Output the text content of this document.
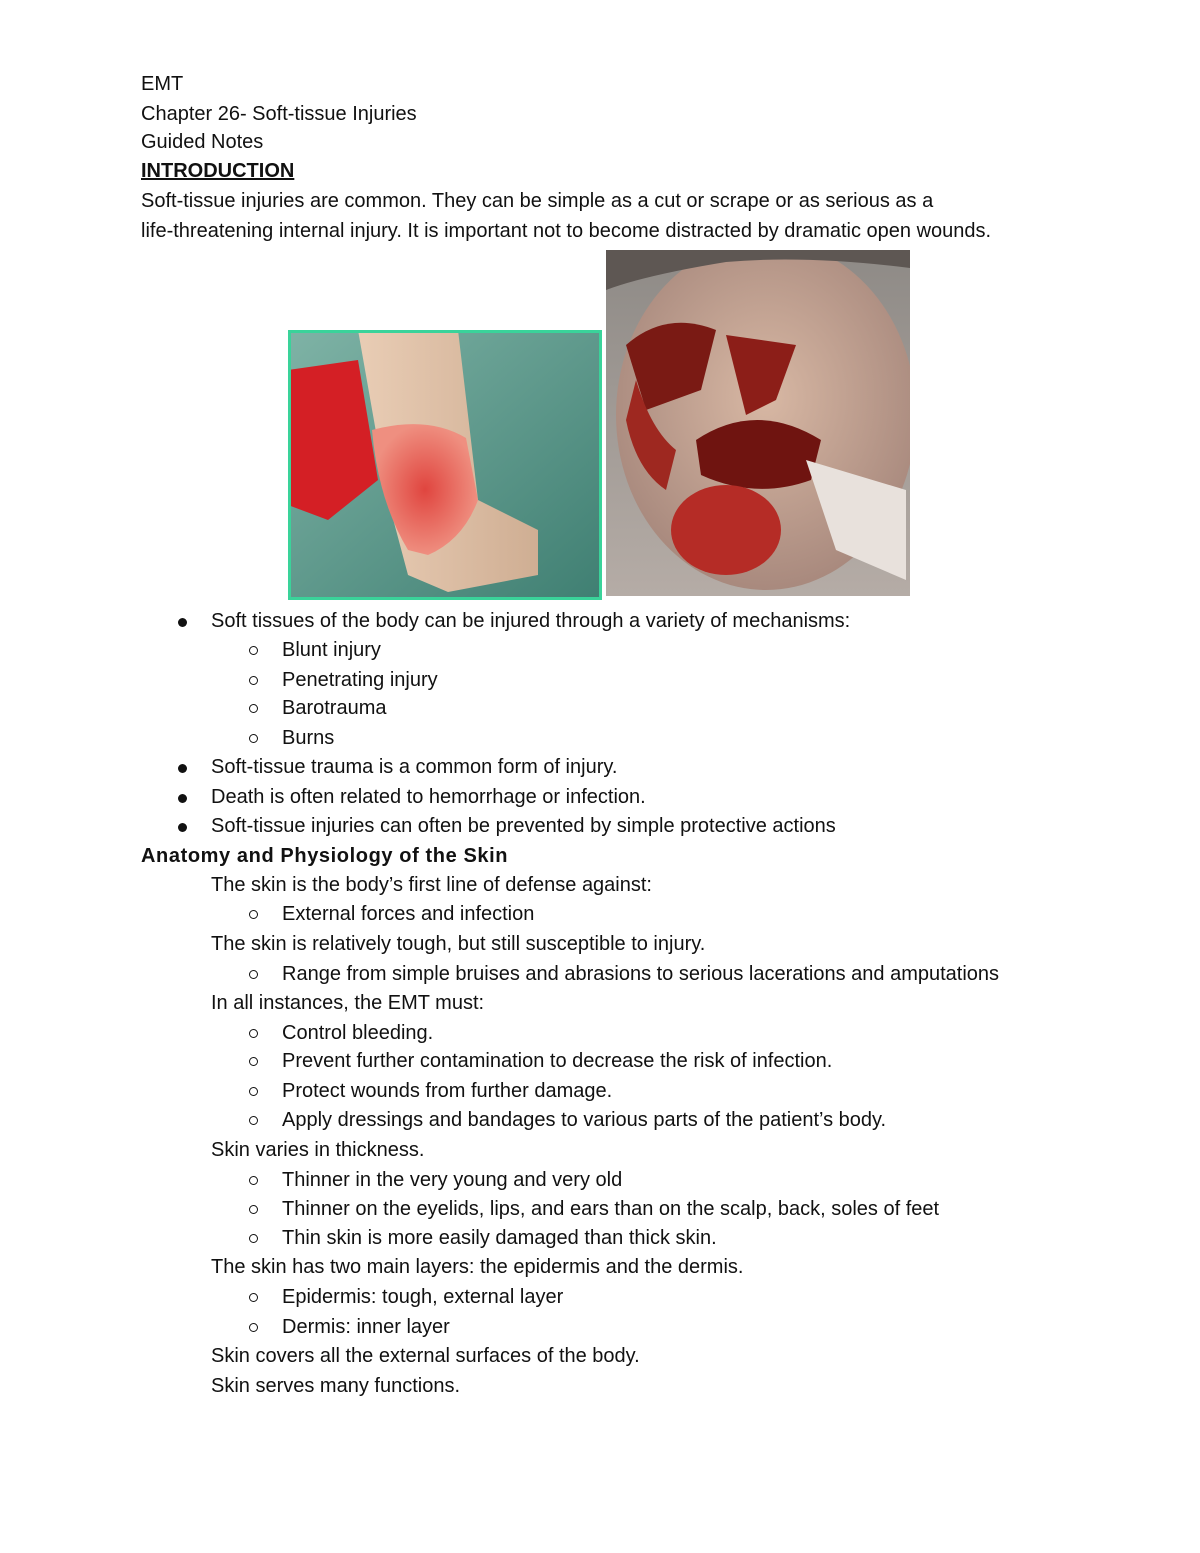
EMT
Chapter 26- Soft-tissue Injuries
Guided Notes
INTRODUCTION
Soft-tissue injuries are common. They can be simple as a cut or scrape or as serious as a
life-threatening internal injury. It is important not to become distracted by dramatic open wounds.
Soft tissues of the body can be injured through a variety of mechanisms:
Blunt injury
Penetrating injury
Barotrauma
Burns
Soft-tissue trauma is a common form of injury.
Death is often related to hemorrhage or infection.
Soft-tissue injuries can often be prevented by simple protective actions
Anatomy and Physiology of the Skin
The skin is the body’s first line of defense against:
External forces and infection
The skin is relatively tough, but still susceptible to injury.
Range from simple bruises and abrasions to serious lacerations and amputations
In all instances, the EMT must:
Control bleeding.
Prevent further contamination to decrease the risk of infection.
Protect wounds from further damage.
Apply dressings and bandages to various parts of the patient’s body.
Skin varies in thickness.
Thinner in the very young and very old
Thinner on the eyelids, lips, and ears than on the scalp, back, soles of feet
Thin skin is more easily damaged than thick skin.
The skin has two main layers: the epidermis and the dermis.
Epidermis: tough, external layer
Dermis: inner layer
Skin covers all the external surfaces of the body.
Skin serves many functions.
